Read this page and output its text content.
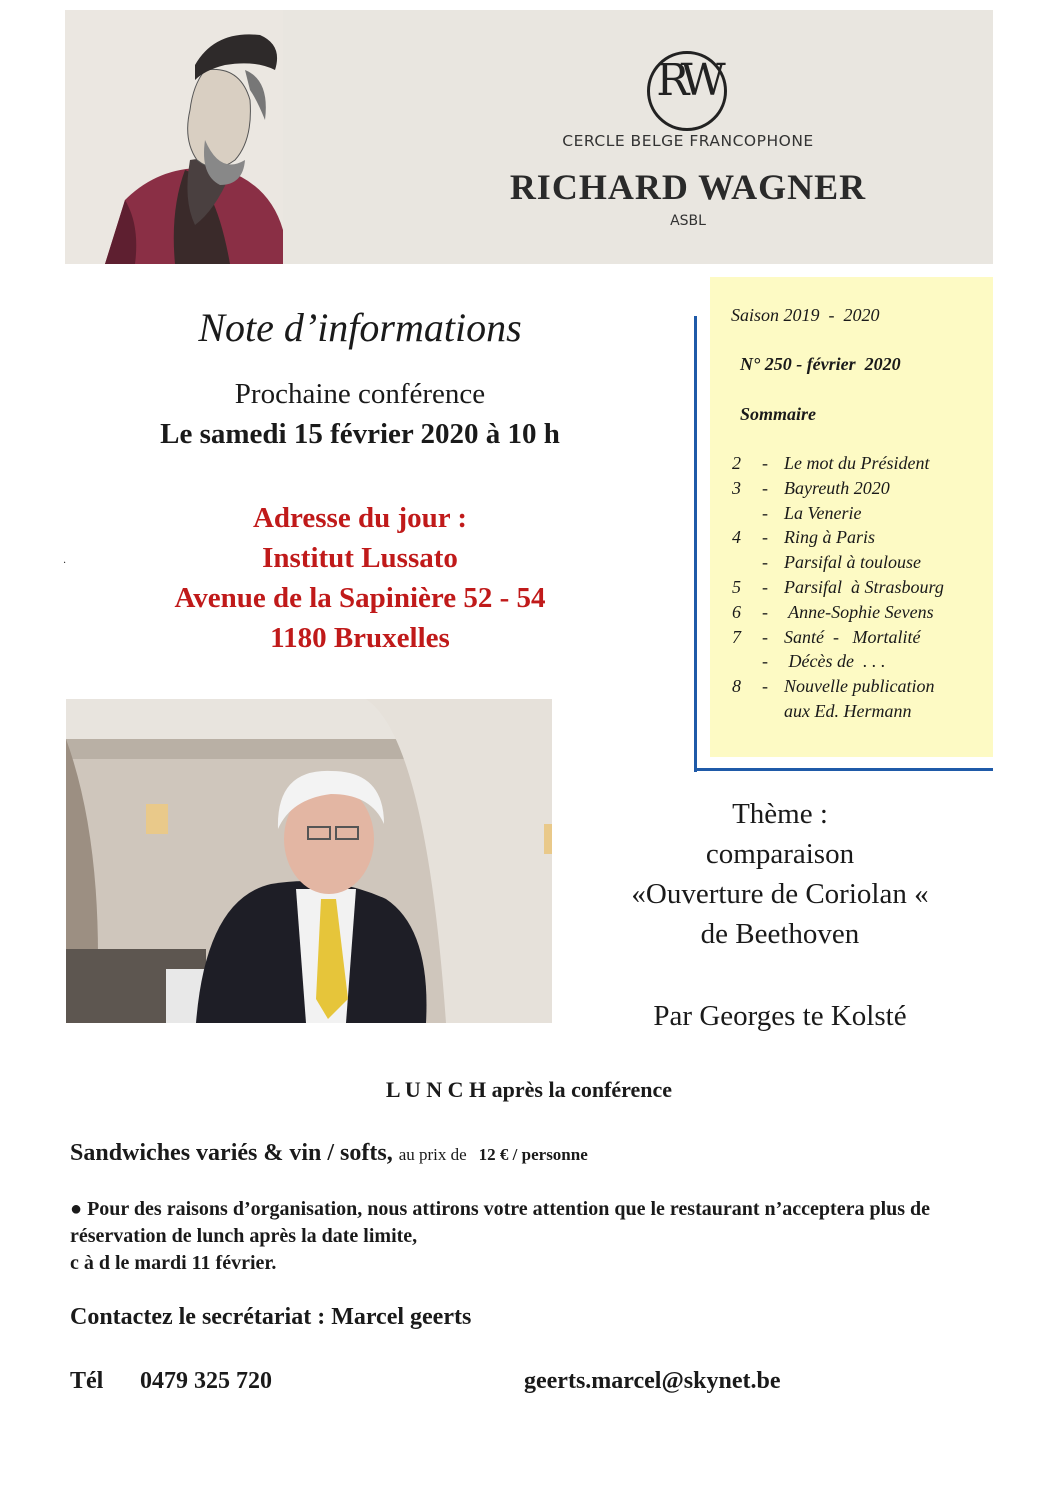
RW
CERCLE BELGE FRANCOPHONE
RICHARD WAGNER
ASBL
Note d’informations
Prochaine conférence
Le samedi 15 février 2020 à 10 h
.
Adresse du jour :
Institut Lussato
Avenue de la Sapinière 52 - 54
1180 Bruxelles
Saison 2019  -  2020
N° 250 - février  2020
Sommaire
2	- Le mot du Président
3	- Bayreuth 2020
- La Venerie
4	- Ring à Paris
- Parsifal à toulouse
5	- Parsifal  à Strasbourg
6	- Anne-Sophie Sevens
7	- Santé  -   Mortalité
- Décès de  . . .
8	- Nouvelle publication
aux Ed. Hermann
Thème :
comparaison
«Ouverture de Coriolan «
de Beethoven
Par Georges te Kolsté
L U N C H après la conférence
Sandwiches variés & vin / softs, au prix de 12 € / personne
● Pour des raisons d’organisation, nous attirons votre attention que le restaurant n’acceptera plus de réservation de lunch après la date limite,
c à d le mardi 11 février.
Contactez le secrétariat : Marcel geerts
Tél 0479 325 720	geerts.marcel@skynet.be
